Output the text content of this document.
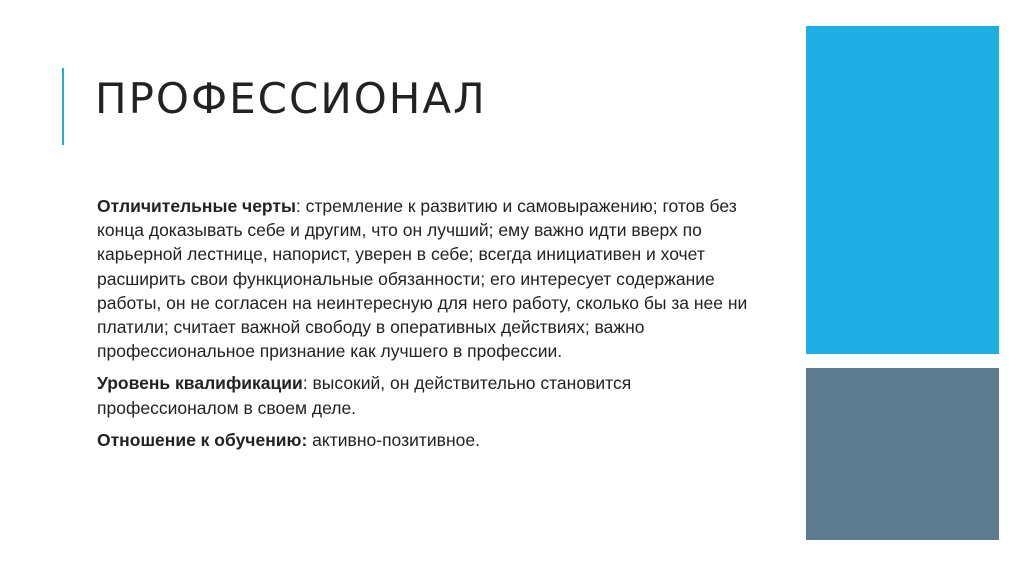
ПРОФЕССИОНАЛ

Отличительные черты: стремление к развитию и самовыражению; готов без конца доказывать себе и другим, что он лучший; ему важно идти вверх по карьерной лестнице, напорист, уверен в себе; всегда инициативен и хочет расширить свои функциональные обязанности; его интересует содержание работы, он не согласен на неинтересную для него работу, сколько бы за нее ни платили; считает важной свободу в оперативных действиях; важно профессиональное признание как лучшего в профессии.

Уровень квалификации: высокий, он действительно становится профессионалом в своем деле.

Отношение к обучению: активно-позитивное.
